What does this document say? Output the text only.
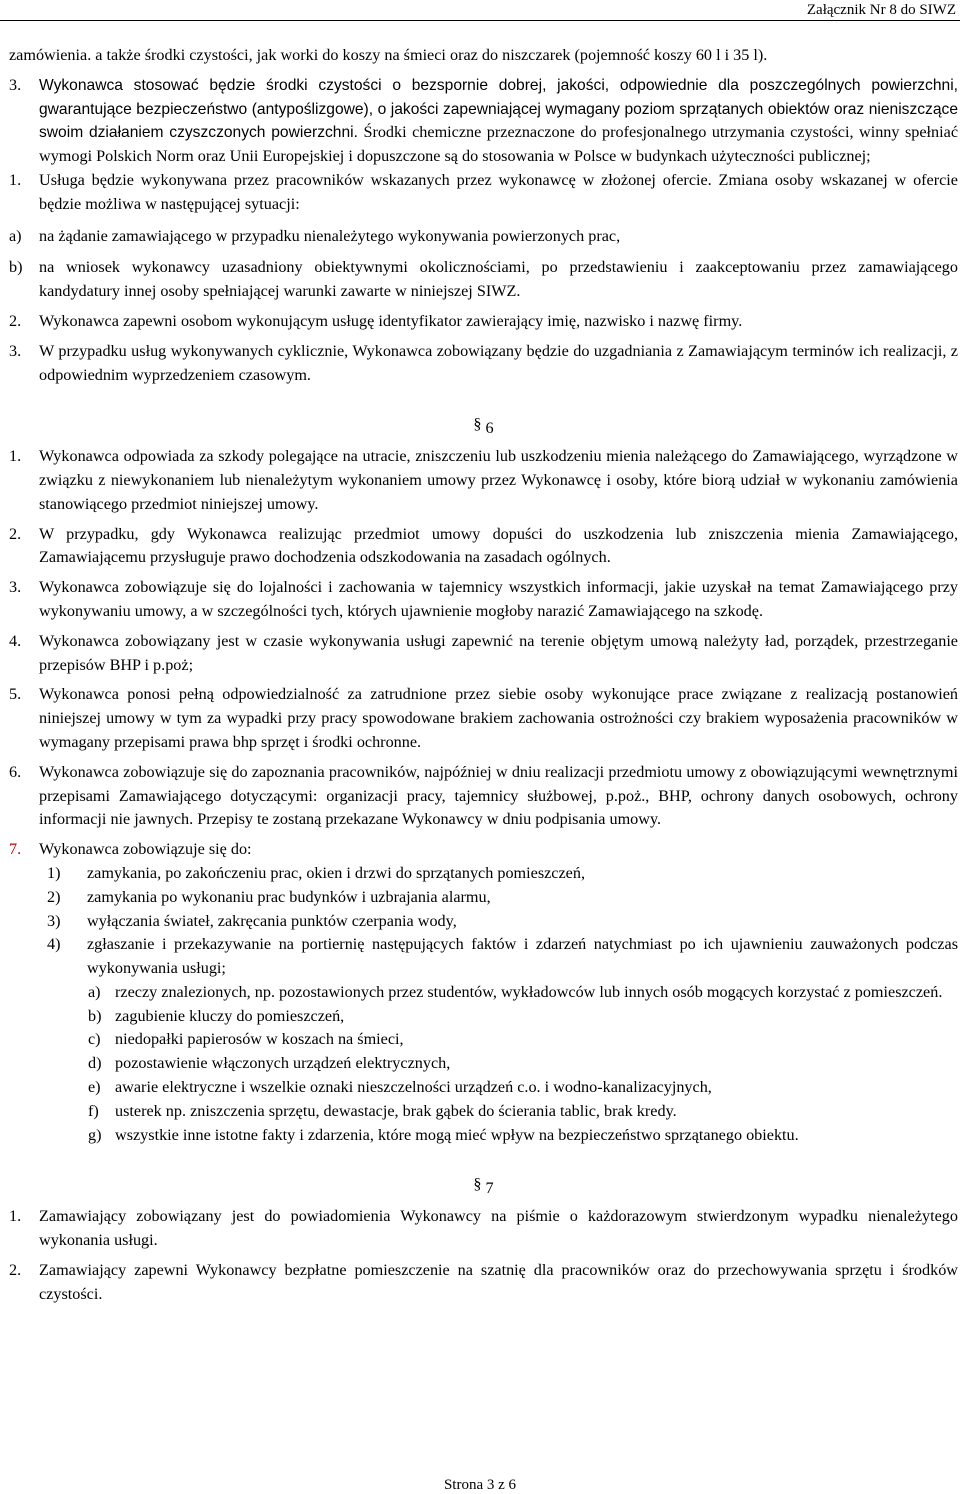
Załącznik Nr 8 do SIWZ

zamówienia. a także środki czystości, jak worki do koszy na śmieci oraz do niszczarek (pojemność koszy 60 l i 35 l).

3. Wykonawca stosować będzie środki czystości o bezspornie dobrej, jakości, odpowiednie dla poszczególnych powierzchni, gwarantujące bezpieczeństwo (antypoślizgowe), o jakości zapewniającej wymagany poziom sprzątanych obiektów oraz nieniszczące swoim działaniem czyszczonych powierzchni. Środki chemiczne przeznaczone do profesjonalnego utrzymania czystości, winny spełniać wymogi Polskich Norm oraz Unii Europejskiej i dopuszczone są do stosowania w Polsce w budynkach użyteczności publicznej;
1. Usługa będzie wykonywana przez pracowników wskazanych przez wykonawcę w złożonej ofercie. Zmiana osoby wskazanej w ofercie będzie możliwa w następującej sytuacji:
a) na żądanie zamawiającego w przypadku nienależytego wykonywania powierzonych prac,
b) na wniosek wykonawcy uzasadniony obiektywnymi okolicznościami, po przedstawieniu i zaakceptowaniu przez zamawiającego kandydatury innej osoby spełniającej warunki zawarte w niniejszej SIWZ.
2. Wykonawca zapewni osobom wykonującym usługę identyfikator zawierający imię, nazwisko i nazwę firmy.
3. W przypadku usług wykonywanych cyklicznie, Wykonawca zobowiązany będzie do uzgadniania z Zamawiającym terminów ich realizacji, z odpowiednim wyprzedzeniem czasowym.
§ 6
1. Wykonawca odpowiada za szkody polegające na utracie, zniszczeniu lub uszkodzeniu mienia należącego do Zamawiającego, wyrządzone w związku z niewykonaniem lub nienależytym wykonaniem umowy przez Wykonawcę i osoby, które biorą udział w wykonaniu zamówienia stanowiącego przedmiot niniejszej umowy.
2. W przypadku, gdy Wykonawca realizując przedmiot umowy dopuści do uszkodzenia lub zniszczenia mienia Zamawiającego, Zamawiającemu przysługuje prawo dochodzenia odszkodowania na zasadach ogólnych.
3. Wykonawca zobowiązuje się do lojalności i zachowania w tajemnicy wszystkich informacji, jakie uzyskał na temat Zamawiającego przy wykonywaniu umowy, a w szczególności tych, których ujawnienie mogłoby narazić Zamawiającego na szkodę.
4. Wykonawca zobowiązany jest w czasie wykonywania usługi zapewnić na terenie objętym umową należyty ład, porządek, przestrzeganie przepisów BHP i p.poż;
5. Wykonawca ponosi pełną odpowiedzialność za zatrudnione przez siebie osoby wykonujące prace związane z realizacją postanowień niniejszej umowy w tym za wypadki przy pracy spowodowane brakiem zachowania ostrożności czy brakiem wyposażenia pracowników w wymagany przepisami prawa bhp sprzęt i środki ochronne.
6. Wykonawca zobowiązuje się do zapoznania pracowników, najpóźniej w dniu realizacji przedmiotu umowy z obowiązującymi wewnętrznymi przepisami Zamawiającego dotyczącymi: organizacji pracy, tajemnicy służbowej, p.poż., BHP, ochrony danych osobowych, ochrony informacji nie jawnych. Przepisy te zostaną przekazane Wykonawcy w dniu podpisania umowy.
7. Wykonawca zobowiązuje się do:
1) zamykania, po zakończeniu prac, okien i drzwi do sprzątanych pomieszczeń,
2) zamykania po wykonaniu prac budynków i uzbrajania alarmu,
3) wyłączania świateł, zakręcania punktów czerpania wody,
4) zgłaszanie i przekazywanie na portiernię następujących faktów i zdarzeń natychmiast po ich ujawnieniu zauważonych podczas wykonywania usługi;
a) rzeczy znalezionych, np. pozostawionych przez studentów, wykładowców lub innych osób mogących korzystać z pomieszczeń.
b) zagubienie kluczy do pomieszczeń,
c) niedopałki papierosów w koszach na śmieci,
d) pozostawienie włączonych urządzeń elektrycznych,
e) awarie elektryczne i wszelkie oznaki nieszczelności urządzeń c.o. i wodno-kanalizacyjnych,
f) usterek np. zniszczenia sprzętu, dewastacje, brak gąbek do ścierania tablic, brak kredy.
g) wszystkie inne istotne fakty i zdarzenia, które mogą mieć wpływ na bezpieczeństwo sprzątanego obiektu.
§ 7
1. Zamawiający zobowiązany jest do powiadomienia Wykonawcy na piśmie o każdorazowym stwierdzonym wypadku nienależytego wykonania usługi.
2. Zamawiający zapewni Wykonawcy bezpłatne pomieszczenie na szatnię dla pracowników oraz do przechowywania sprzętu i środków czystości.
Strona 3 z 6
